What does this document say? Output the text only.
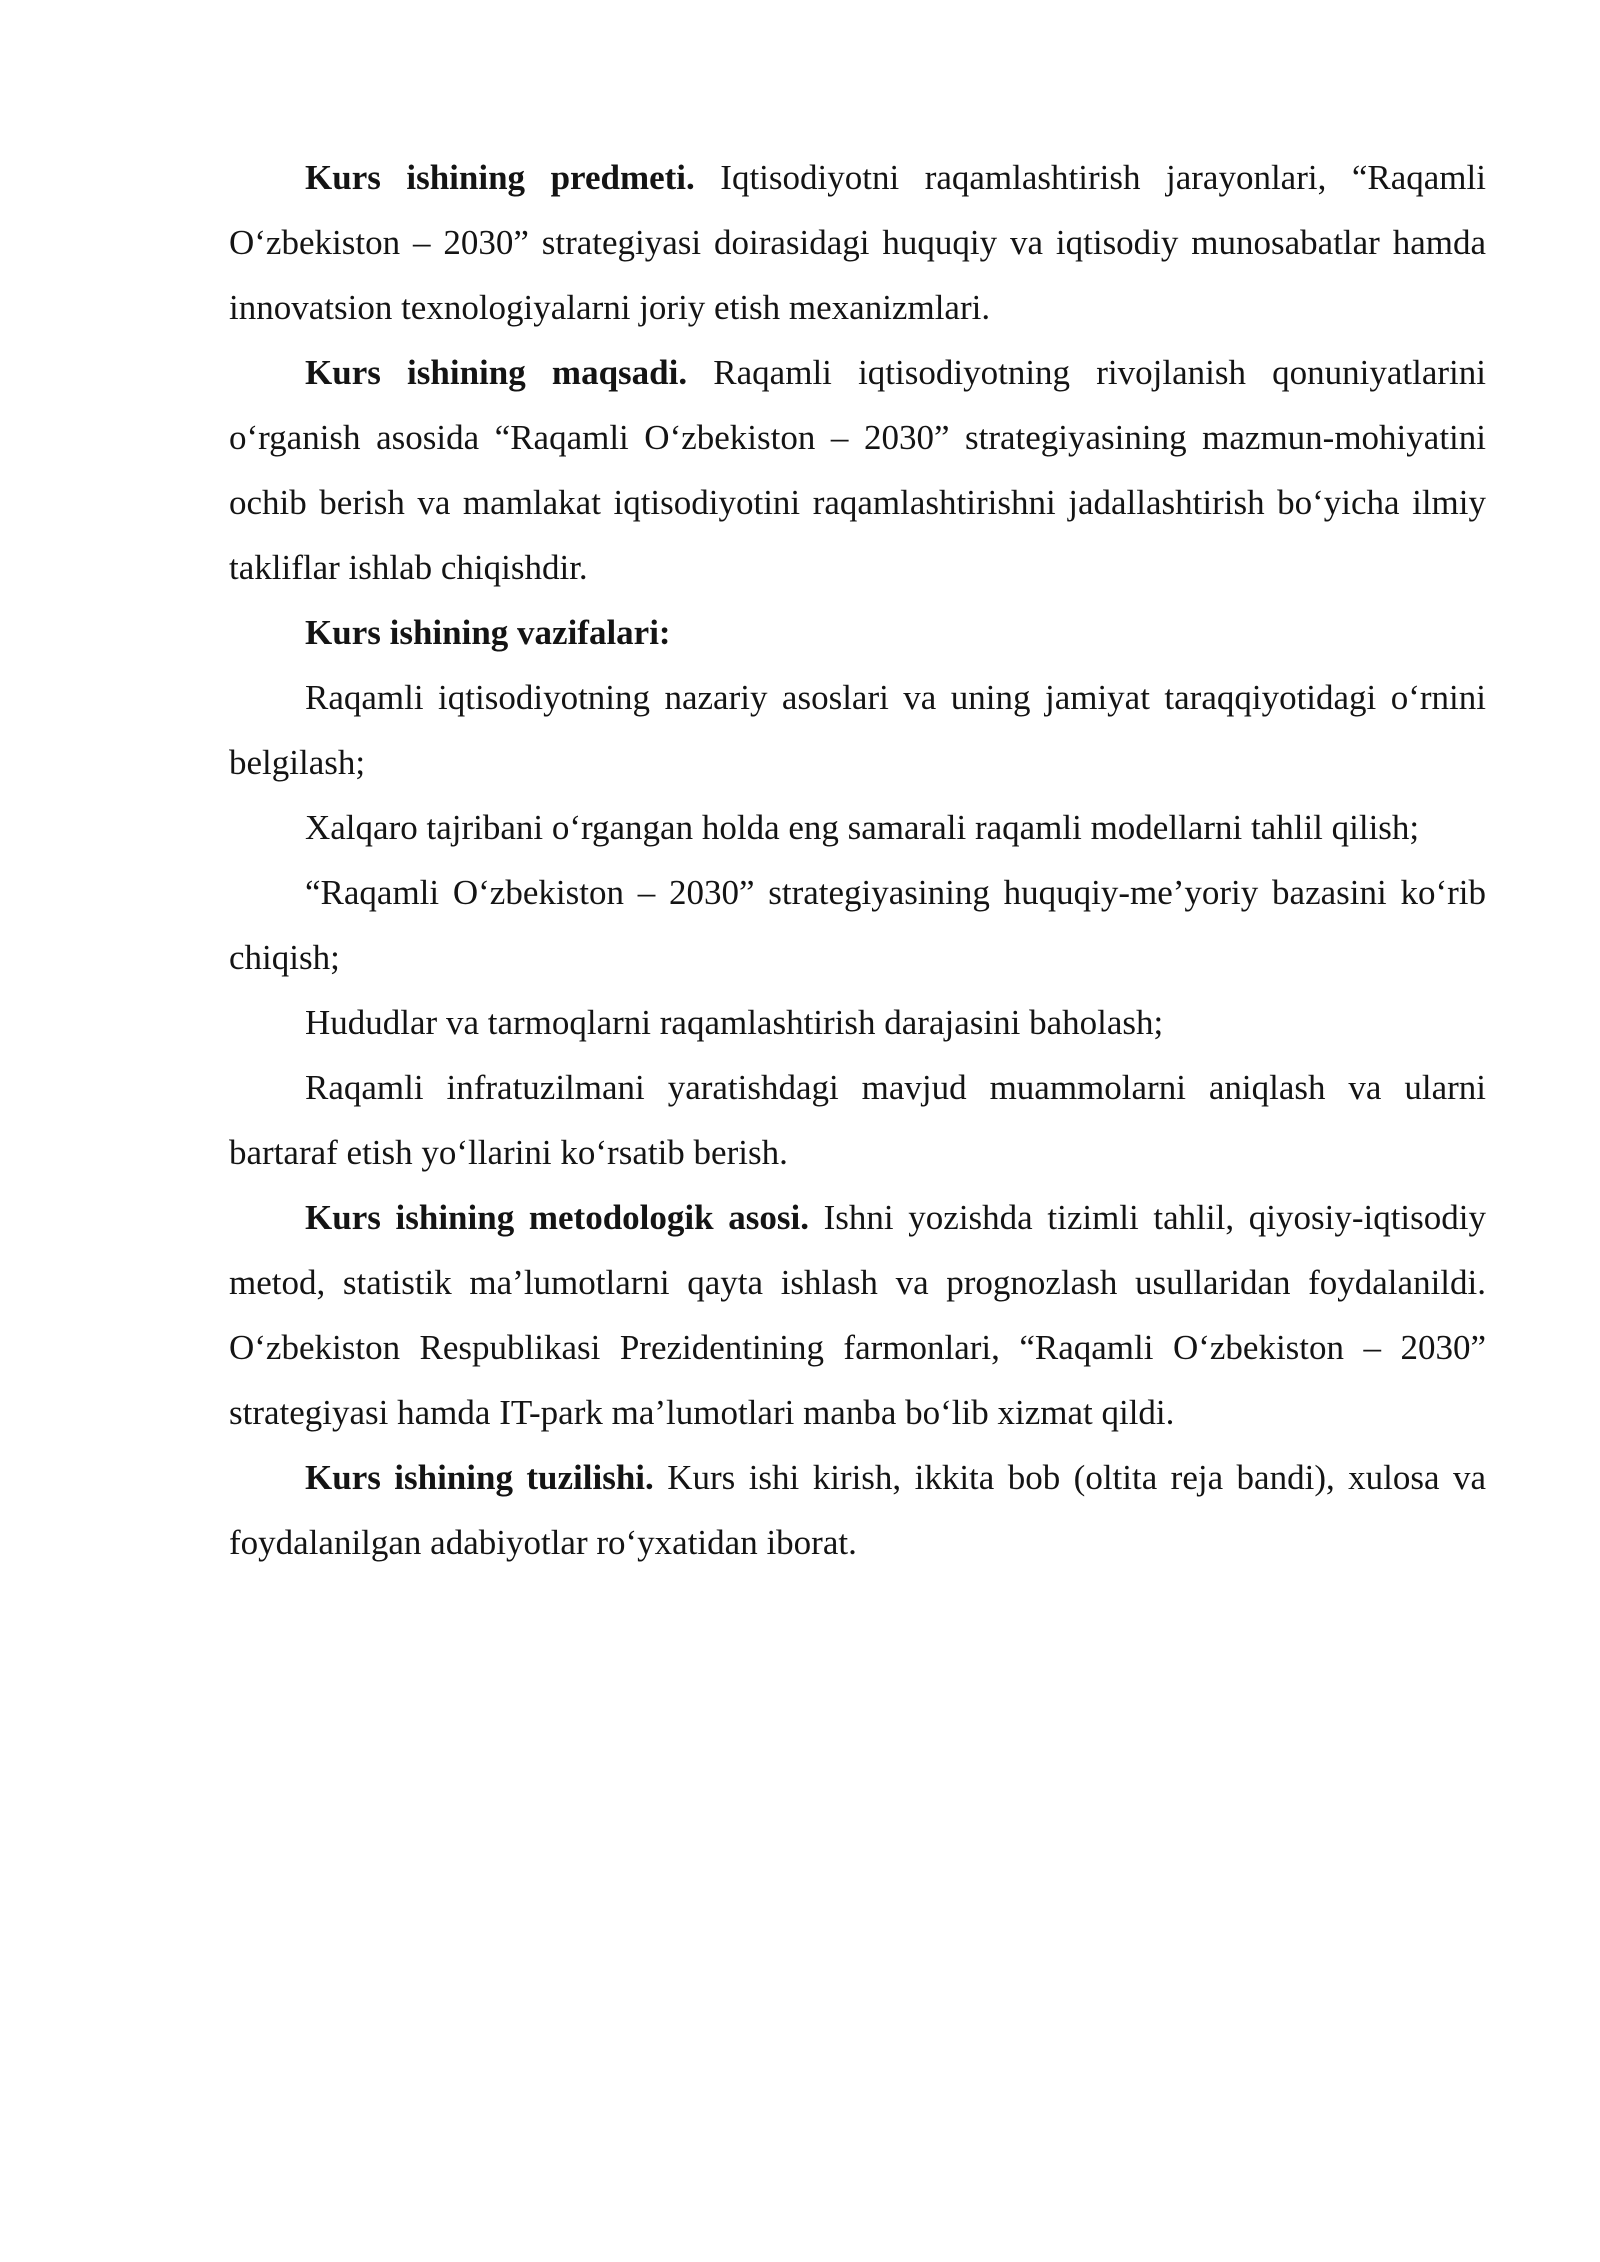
Kurs ishining predmeti. Iqtisodiyotni raqamlashtirish jarayonlari, “Raqamli O‘zbekiston – 2030” strategiyasi doirasidagi huquqiy va iqtisodiy munosabatlar hamda innovatsion texnologiyalarni joriy etish mexanizmlari.

Kurs ishining maqsadi. Raqamli iqtisodiyotning rivojlanish qonuniyatlarini o‘rganish asosida “Raqamli O‘zbekiston – 2030” strategiyasining mazmun-mohiyatini ochib berish va mamlakat iqtisodiyotini raqamlashtirishni jadallashtirish bo‘yicha ilmiy takliflar ishlab chiqishdir.

Kurs ishining vazifalari:

Raqamli iqtisodiyotning nazariy asoslari va uning jamiyat taraqqiyotidagi o‘rnini belgilash;

Xalqaro tajribani o‘rgangan holda eng samarali raqamli modellarni tahlil qilish;

“Raqamli O‘zbekiston – 2030” strategiyasining huquqiy-me’yoriy bazasini ko‘rib chiqish;

Hududlar va tarmoqlarni raqamlashtirish darajasini baholash;

Raqamli infratuzilmani yaratishdagi mavjud muammolarni aniqlash va ularni bartaraf etish yo‘llarini ko‘rsatib berish.

Kurs ishining metodologik asosi. Ishni yozishda tizimli tahlil, qiyosiy-iqtisodiy metod, statistik ma’lumotlarni qayta ishlash va prognozlash usullaridan foydalanildi. O‘zbekiston Respublikasi Prezidentining farmonlari, “Raqamli O‘zbekiston – 2030” strategiyasi hamda IT-park ma’lumotlari manba bo‘lib xizmat qildi.

Kurs ishining tuzilishi. Kurs ishi kirish, ikkita bob (oltita reja bandi), xulosa va foydalanilgan adabiyotlar ro‘yxatidan iborat.
